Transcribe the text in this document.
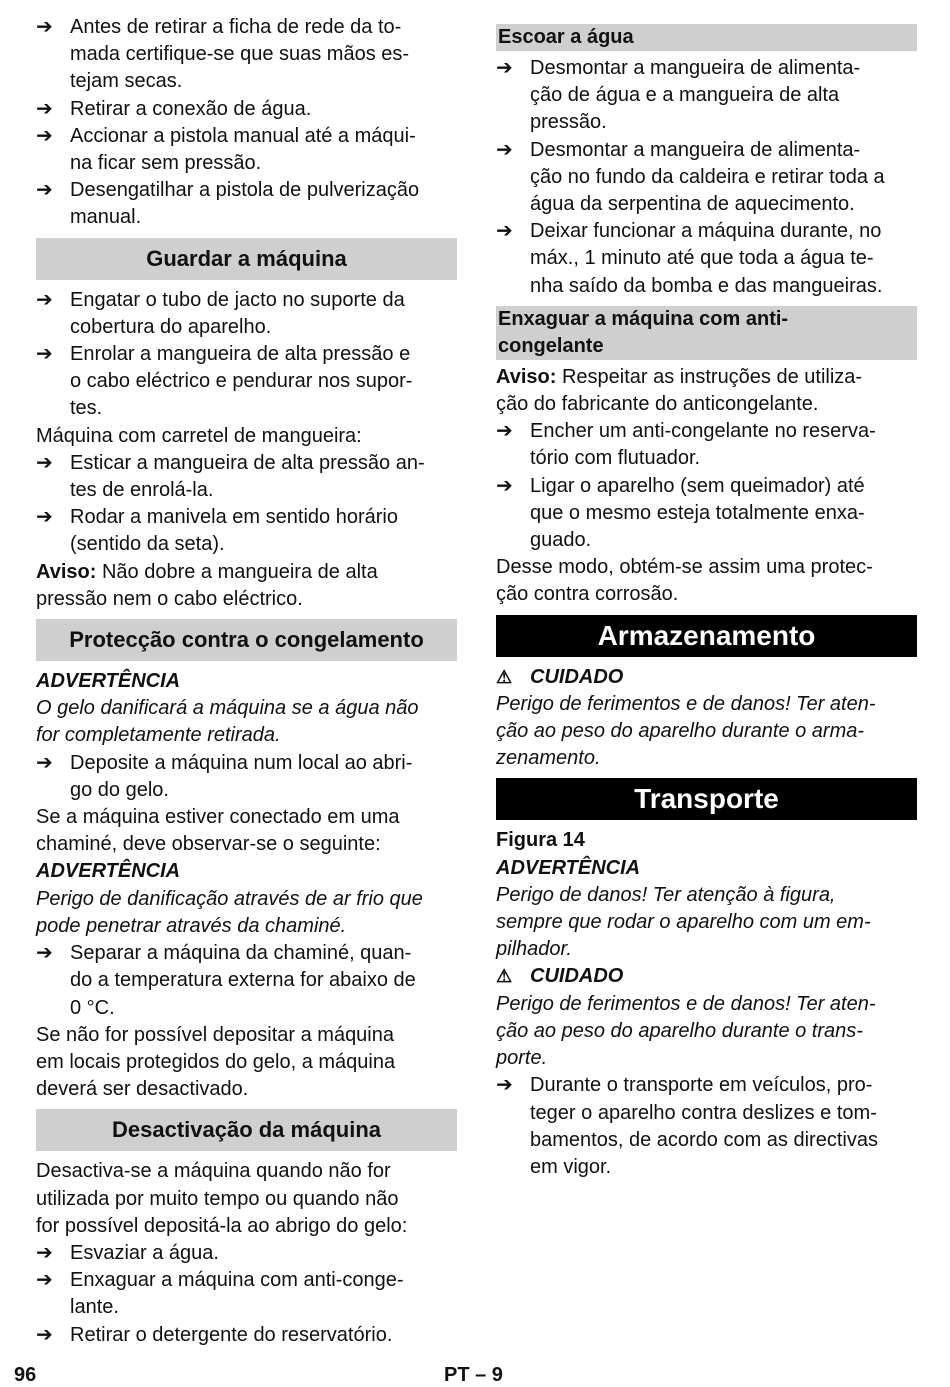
➔ Antes de retirar a ficha de rede da to-
mada certifique-se que suas mãos es-
tejam secas.
➔ Retirar a conexão de água.
➔ Accionar a pistola manual até a máqui-
na ficar sem pressão.
➔ Desengatilhar a pistola de pulverização
manual.
Guardar a máquina
➔ Engatar o tubo de jacto no suporte da
cobertura do aparelho.
➔ Enrolar a mangueira de alta pressão e
o cabo eléctrico e pendurar nos supor-
tes.
Máquina com carretel de mangueira:
➔ Esticar a mangueira de alta pressão an-
tes de enrolá-la.
➔ Rodar a manivela em sentido horário
(sentido da seta).
Aviso: Não dobre a mangueira de alta
pressão nem o cabo eléctrico.
Protecção contra o congelamento
ADVERTÊNCIA
O gelo danificará a máquina se a água não
for completamente retirada.
➔ Deposite a máquina num local ao abri-
go do gelo.
Se a máquina estiver conectado em uma
chaminé, deve observar-se o seguinte:
ADVERTÊNCIA
Perigo de danificação através de ar frio que
pode penetrar através da chaminé.
➔ Separar a máquina da chaminé, quan-
do a temperatura externa for abaixo de
0 °C.
Se não for possível depositar a máquina
em locais protegidos do gelo, a máquina
deverá ser desactivado.
Desactivação da máquina
Desactiva-se a máquina quando não for
utilizada por muito tempo ou quando não
for possível depositá-la ao abrigo do gelo:
➔ Esvaziar a água.
➔ Enxaguar a máquina com anti-conge-
lante.
➔ Retirar o detergente do reservatório.
Escoar a água
➔ Desmontar a mangueira de alimenta-
ção de água e a mangueira de alta
pressão.
➔ Desmontar a mangueira de alimenta-
ção no fundo da caldeira e retirar toda a
água da serpentina de aquecimento.
➔ Deixar funcionar a máquina durante, no
máx., 1 minuto até que toda a água te-
nha saído da bomba e das mangueiras.
Enxaguar a máquina com anti-
congelante
Aviso: Respeitar as instruções de utiliza-
ção do fabricante do anticongelante.
➔ Encher um anti-congelante no reserva-
tório com flutuador.
➔ Ligar o aparelho (sem queimador) até
que o mesmo esteja totalmente enxa-
guado.
Desse modo, obtém-se assim uma protec-
ção contra corrosão.
Armazenamento
⚠ CUIDADO
Perigo de ferimentos e de danos! Ter aten-
ção ao peso do aparelho durante o arma-
zenamento.
Transporte
Figura 14
ADVERTÊNCIA
Perigo de danos! Ter atenção à figura,
sempre que rodar o aparelho com um em-
pilhador.
⚠ CUIDADO
Perigo de ferimentos e de danos! Ter aten-
ção ao peso do aparelho durante o trans-
porte.
➔ Durante o transporte em veículos, pro-
teger o aparelho contra deslizes e tom-
bamentos, de acordo com as directivas
em vigor.
96	PT – 9
